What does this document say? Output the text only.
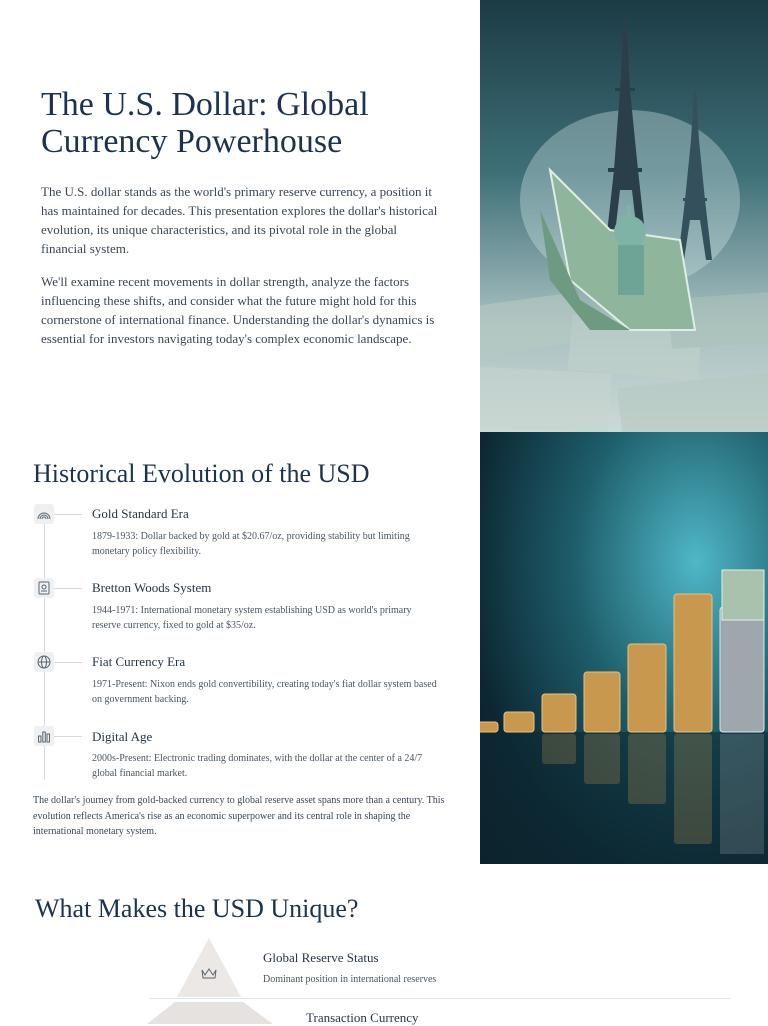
The U.S. Dollar: Global Currency Powerhouse

The U.S. dollar stands as the world's primary reserve currency, a position it has maintained for decades. This presentation explores the dollar's historical evolution, its unique characteristics, and its pivotal role in the global financial system.

We'll examine recent movements in dollar strength, analyze the factors influencing these shifts, and consider what the future might hold for this cornerstone of international finance. Understanding the dollar's dynamics is essential for investors navigating today's complex economic landscape.

Historical Evolution of the USD
Gold Standard Era
1879-1933: Dollar backed by gold at $20.67/oz, providing stability but limiting monetary policy flexibility.
Bretton Woods System
1944-1971: International monetary system establishing USD as world's primary reserve currency, fixed to gold at $35/oz.
Fiat Currency Era
1971-Present: Nixon ends gold convertibility, creating today's fiat dollar system based on government backing.
Digital Age
2000s-Present: Electronic trading dominates, with the dollar at the center of a 24/7 global financial market.

The dollar's journey from gold-backed currency to global reserve asset spans more than a century. This evolution reflects America's rise as an economic superpower and its central role in shaping the international monetary system.

What Makes the USD Unique?
Global Reserve Status
Dominant position in international reserves
Transaction Currency
